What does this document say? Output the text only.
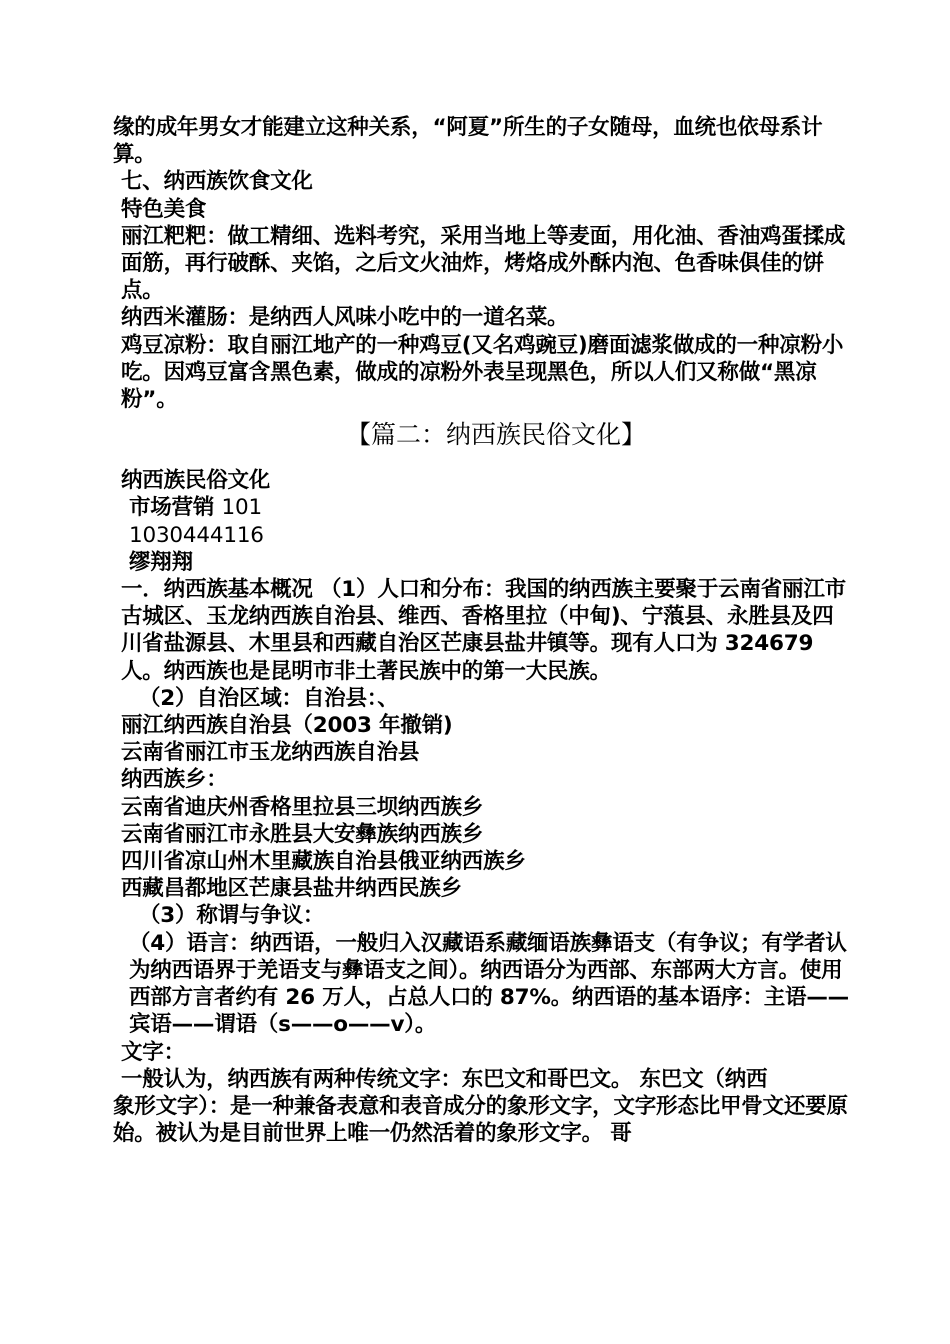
缘的成年男女才能建立这种关系，“阿夏”所生的子女随母，血统也依母系计算。

七、纳西族饮食文化

特色美食

丽江粑粑：做工精细、选料考究，采用当地上等麦面，用化油、香油鸡蛋揉成面筋，再行破酥、夹馅，之后文火油炸，烤烙成外酥内泡、色香味俱佳的饼点。

纳西米灌肠：是纳西人风味小吃中的一道名菜。

鸡豆凉粉：取自丽江地产的一种鸡豆(又名鸡豌豆)磨面滤浆做成的一种凉粉小吃。因鸡豆富含黑色素，做成的凉粉外表呈现黑色，所以人们又称做“黑凉粉”。

【篇二：纳西族民俗文化】

纳西族民俗文化

市场营销 101

1030444116

缪翔翔

一．纳西族基本概况 （1）人口和分布：我国的纳西族主要聚于云南省丽江市古城区、玉龙纳西族自治县、维西、香格里拉（中甸)、宁蒗县、永胜县及四川省盐源县、木里县和西藏自治区芒康县盐井镇等。现有人口为 324679 人。纳西族也是昆明市非土著民族中的第一大民族。

（2）自治区域：自治县：、

丽江纳西族自治县（2003 年撤销)

云南省丽江市玉龙纳西族自治县

纳西族乡：

云南省迪庆州香格里拉县三坝纳西族乡

云南省丽江市永胜县大安彝族纳西族乡

四川省凉山州木里藏族自治县俄亚纳西族乡

西藏昌都地区芒康县盐井纳西民族乡

（3）称谓与争议：

（4）语言：纳西语，一般归入汉藏语系藏缅语族彝语支（有争议；有学者认为纳西语界于羌语支与彝语支之间）。纳西语分为西部、东部两大方言。使用西部方言者约有 26 万人，占总人口的 87%。纳西语的基本语序：主语——宾语——谓语（s——o——v）。

文字：

一般认为，纳西族有两种传统文字：东巴文和哥巴文。 东巴文（纳西

象形文字）：是一种兼备表意和表音成分的象形文字，文字形态比甲骨文还要原始。被认为是目前世界上唯一仍然活着的象形文字。 哥
